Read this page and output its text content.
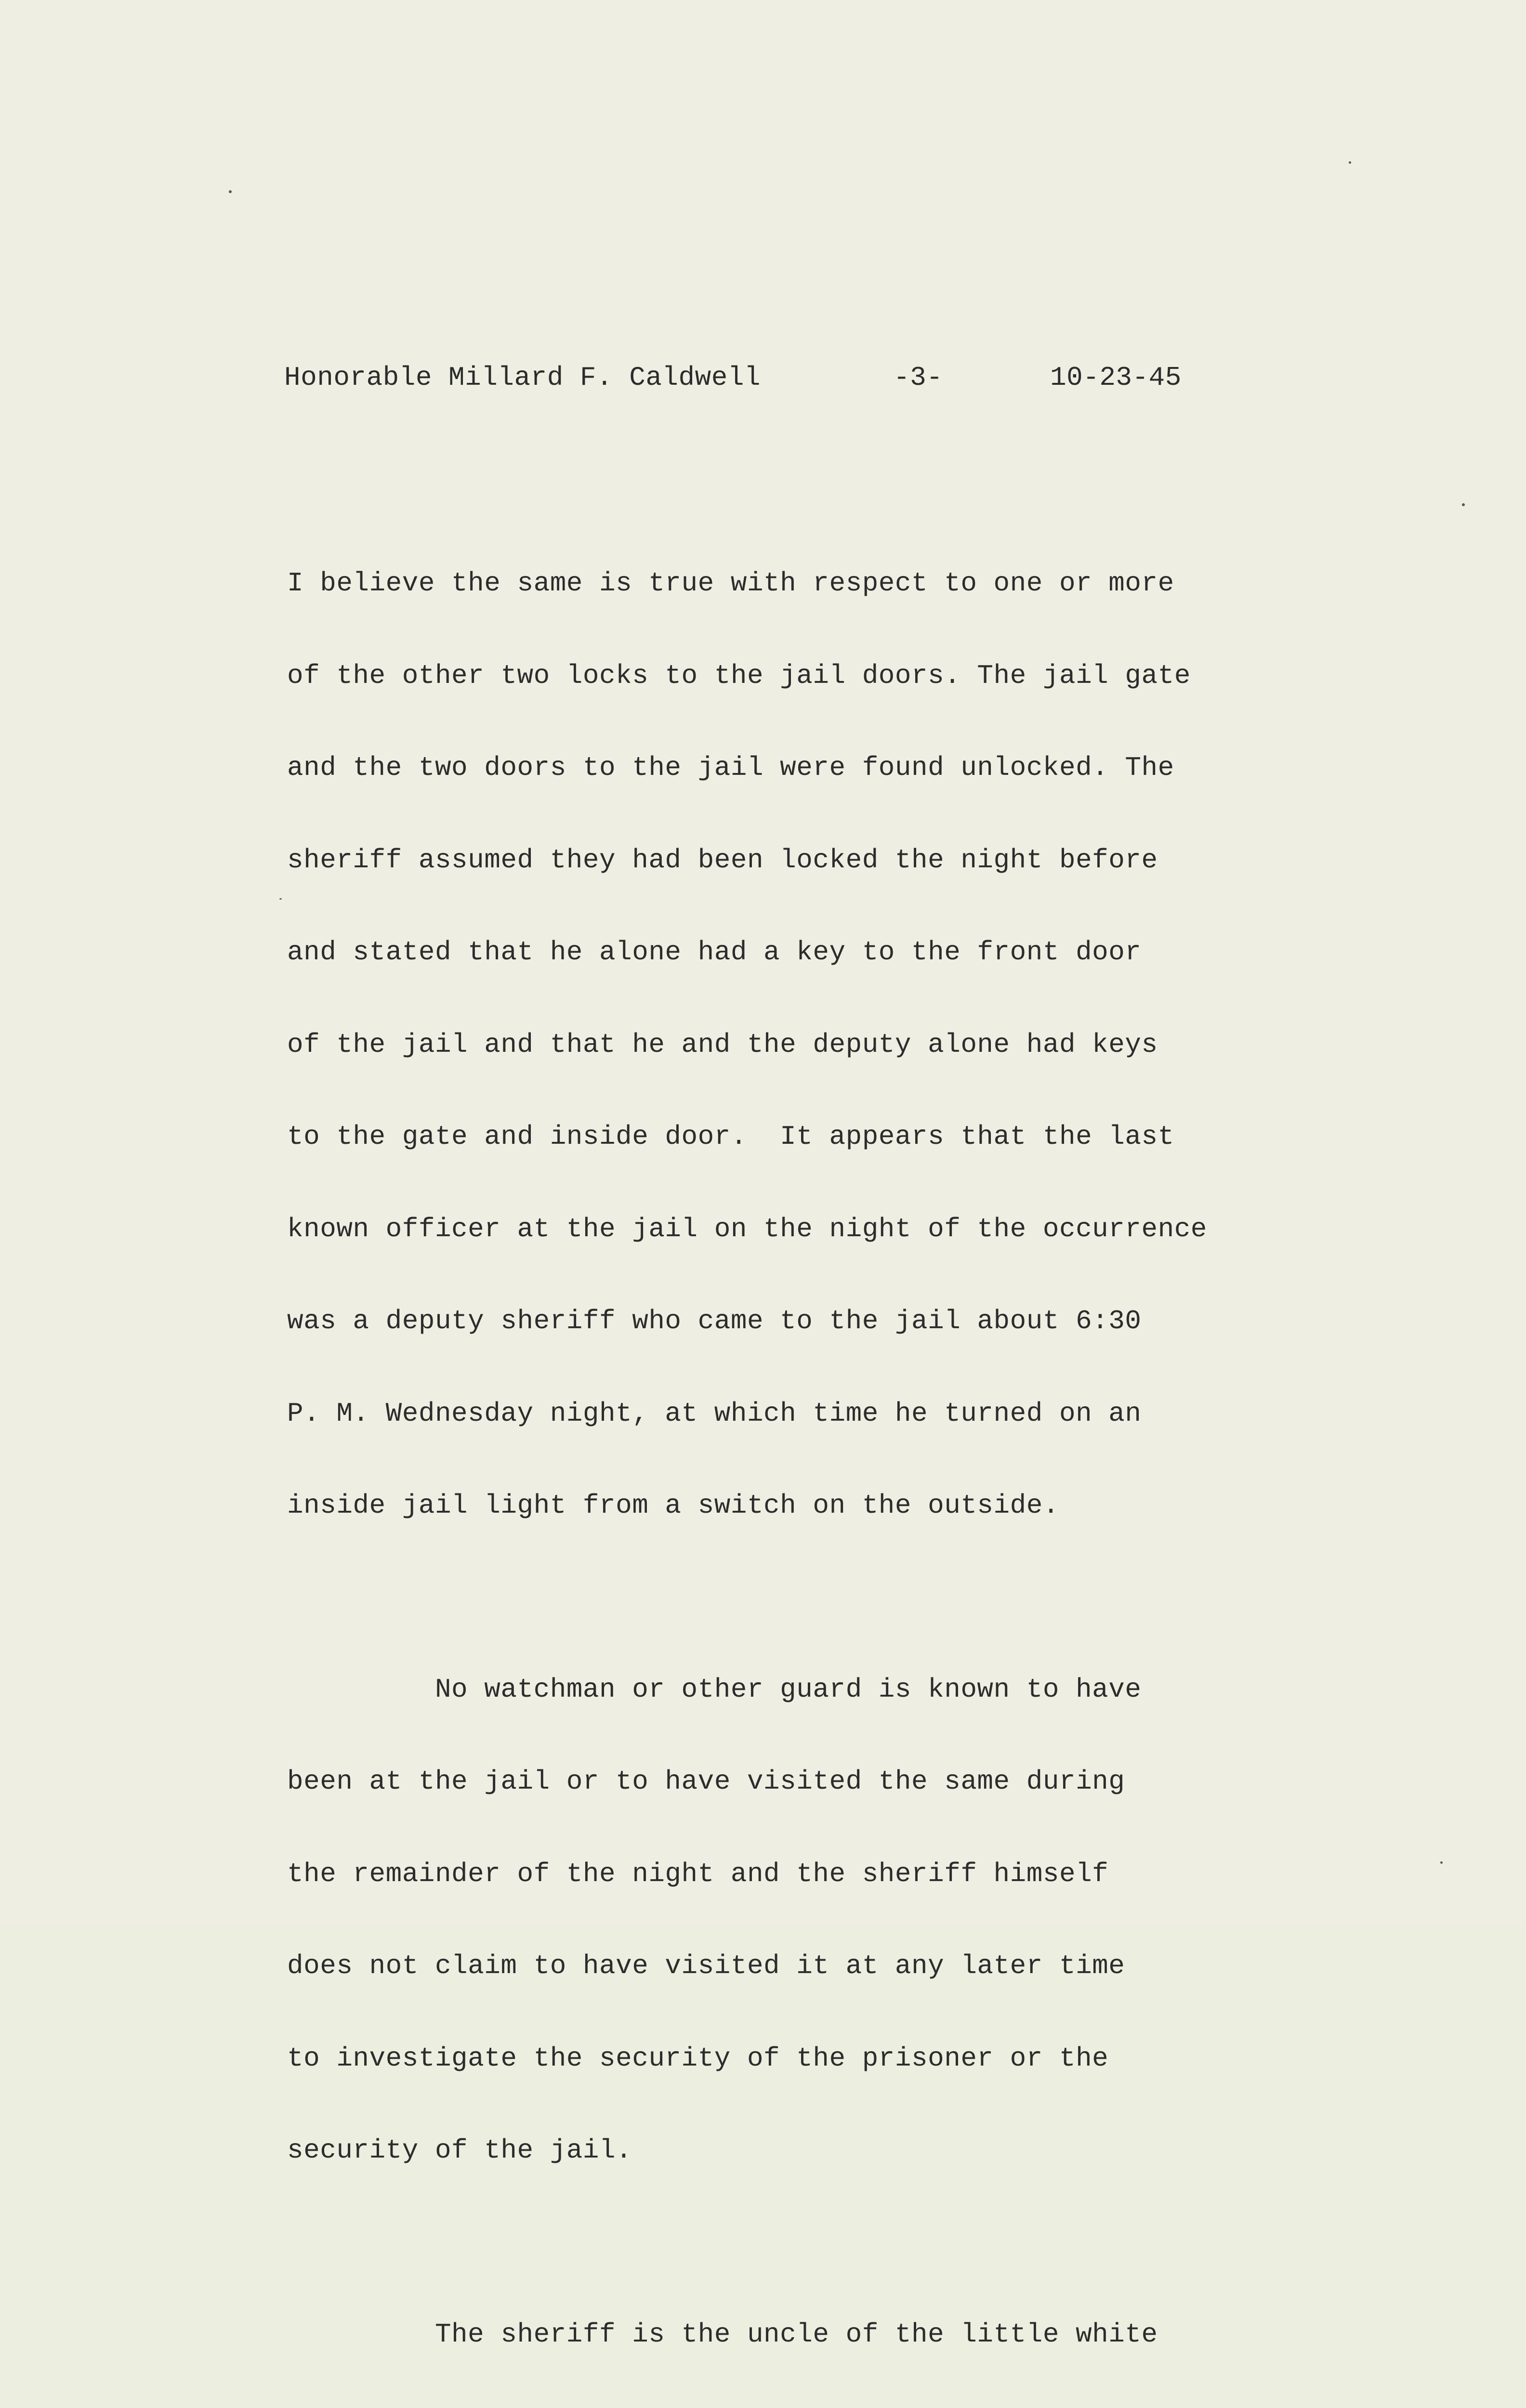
Honorable Millard F. Caldwell	-3-	10-23-45

I believe the same is true with respect to one or more

of the other two locks to the jail doors. The jail gate

and the two doors to the jail were found unlocked. The

sheriff assumed they had been locked the night before

and stated that he alone had a key to the front door

of the jail and that he and the deputy alone had keys

to the gate and inside door.  It appears that the last

known officer at the jail on the night of the occurrence

was a deputy sheriff who came to the jail about 6:30

P. M. Wednesday night, at which time he turned on an

inside jail light from a switch on the outside.

No watchman or other guard is known to have

been at the jail or to have visited the same during

the remainder of the night and the sheriff himself

does not claim to have visited it at any later time

to investigate the security of the prisoner or the

security of the jail.

The sheriff is the uncle of the little white
